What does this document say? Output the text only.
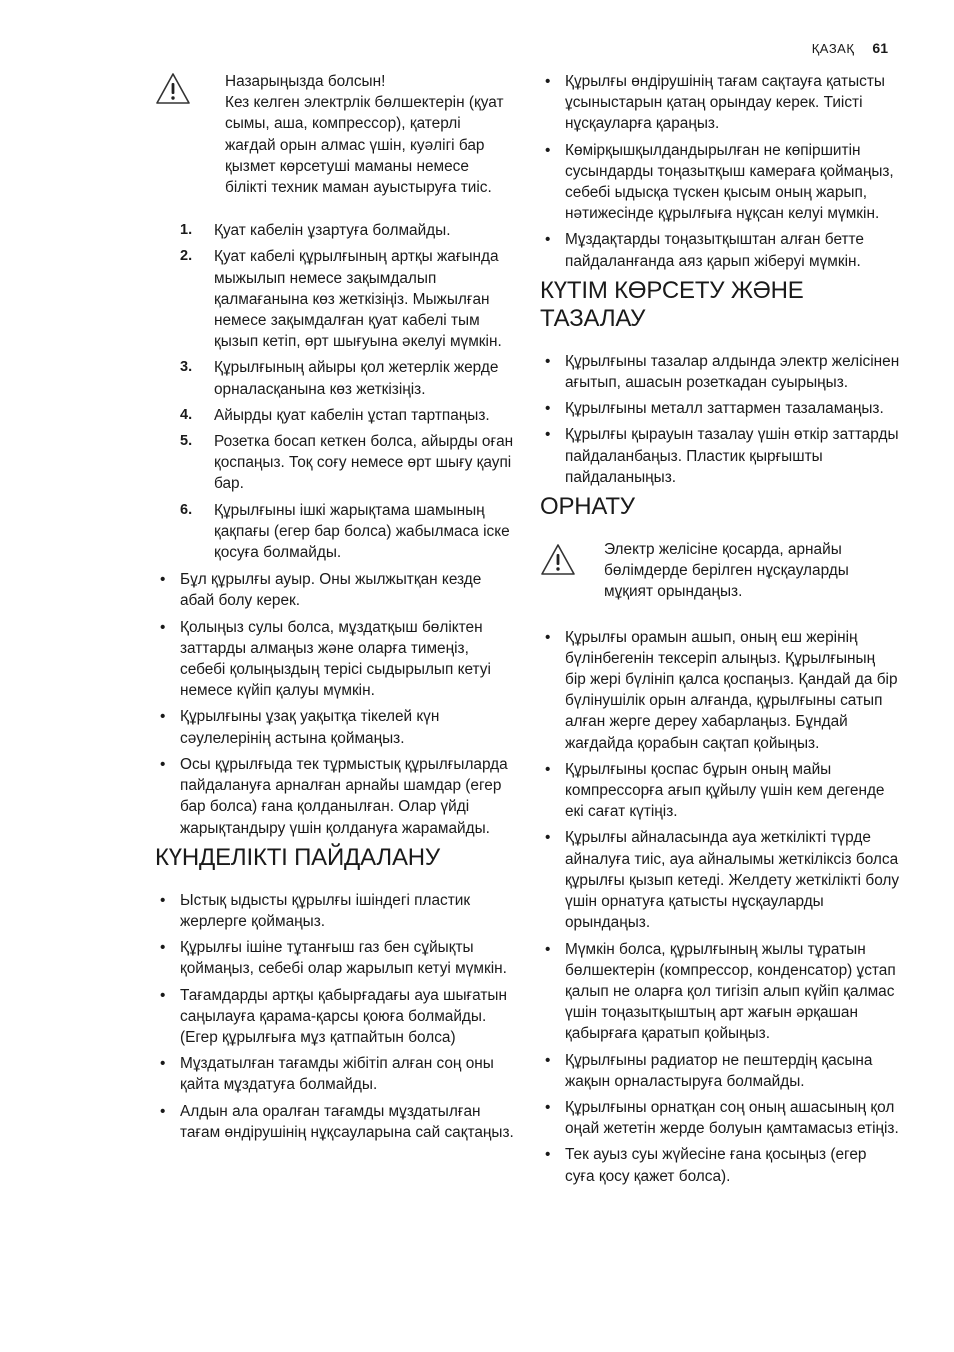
ҚАЗАҚ 61
Назарыңызда болсын!
Кез келген электрлік бөлшектерін (қуат сымы, аша, компрессор), қатерлі жағдай орын алмас үшін, куәлігі бар қызмет көрсетуші маманы немесе білікті техник маман ауыстыруға тиіс.
1. Қуат кабелін ұзартуға болмайды.
2. Қуат кабелі құрылғының артқы жағында мыжылып немесе зақымдалып қалмағанына көз жеткізіңіз. Мыжылған немесе зақымдалған қуат кабелі тым қызып кетіп, өрт шығуына әкелуі мүмкін.
3. Құрылғының айыры қол жетерлік жерде орналасқанына көз жеткізіңіз.
4. Айырды қуат кабелін ұстап тартпаңыз.
5. Розетка босап кеткен болса, айырды оған қоспаңыз. Тоқ соғу немесе өрт шығу қаупі бар.
6. Құрылғыны ішкі жарықтама шамының қақпағы (егер бар болса) жабылмаса іске қосуға болмайды.
• Бұл құрылғы ауыр. Оны жылжытқан кезде абай болу керек.
• Қолыңыз сулы болса, мұздатқыш бөліктен заттарды алмаңыз және оларға тимеңіз, себебі қолыңыздың терісі сыдырылып кетуі немесе күйіп қалуы мүмкін.
• Құрылғыны ұзақ уақытқа тікелей күн сәулелерінің астына қоймаңыз.
• Осы құрылғыда тек тұрмыстық құрылғыларда пайдалануға арналған арнайы шамдар (егер бар болса) ғана қолданылған. Олар үйді жарықтандыру үшін қолдануға жарамайды.
КҮНДЕЛІКТІ ПАЙДАЛАНУ
• Ыстық ыдысты құрылғы ішіндегі пластик жерлерге қоймаңыз.
• Құрылғы ішіне тұтанғыш газ бен сұйықты қоймаңыз, себебі олар жарылып кетуі мүмкін.
• Тағамдарды артқы қабырғадағы ауа шығатын саңылауға қарама-қарсы қоюға болмайды. (Егер құрылғыға мұз қатпайтын болса)
• Мұздатылған тағамды жібітіп алған соң оны қайта мұздатуға болмайды.
• Алдын ала оралған тағамды мұздатылған тағам өндірушінің нұқсауларына сай сақтаңыз.
• Құрылғы өндірушінің тағам сақтауға қатысты ұсыныстарын қатаң орындау керек. Тиісті нұсқауларға қараңыз.
• Көмірқышқылдандырылған не көпіршитін сусындарды тоңазытқыш камераға қоймаңыз, себебі ыдысқа түскен қысым оның жарып, нәтижесінде құрылғыға нұқсан келуі мүмкін.
• Мұздақтарды тоңазытқыштан алған бетте пайдаланғанда аяз қарып жіберуі мүмкін.
КҮТІМ КӨРСЕТУ ЖӘНЕ ТАЗАЛАУ
• Құрылғыны тазалар алдында электр желісінен ағытып, ашасын розеткадан суырыңыз.
• Құрылғыны металл заттармен тазаламаңыз.
• Құрылғы қырауын тазалау үшін өткір заттарды пайдаланбаңыз. Пластик қырғышты пайдаланыңыз.
ОРНАТУ
Электр желісіне қосарда, арнайы бөлімдерде берілген нұсқауларды мұқият орындаңыз.
• Құрылғы орамын ашып, оның еш жерінің бүлінбегенін тексеріп алыңыз. Құрылғының бір жері бүлініп қалса қоспаңыз. Қандай да бір бүлінушілік орын алғанда, құрылғыны сатып алған жерге дереу хабарлаңыз. Бұндай жағдайда қорабын сақтап қойыңыз.
• Құрылғыны қоспас бұрын оның майы компрессорға ағып құйылу үшін кем дегенде екі сағат күтіңіз.
• Құрылғы айналасында ауа жеткілікті түрде айналуға тиіс, ауа айналымы жеткіліксіз болса құрылғы қызып кетеді. Желдету жеткілікті болу үшін орнатуға қатысты нұсқауларды орындаңыз.
• Мүмкін болса, құрылғының жылы тұратын бөлшектерін (компрессор, конденсатор) ұстап қалып не оларға қол тигізіп алып күйіп қалмас үшін тоңазытқыштың арт жағын әрқашан қабырғаға қаратып қойыңыз.
• Құрылғыны радиатор не пештердің қасына жақын орналастыруға болмайды.
• Құрылғыны орнатқан соң оның ашасының қол оңай жететін жерде болуын қамтамасыз етіңіз.
• Тек ауыз суы жүйесіне ғана қосыңыз (егер суға қосу қажет болса).
